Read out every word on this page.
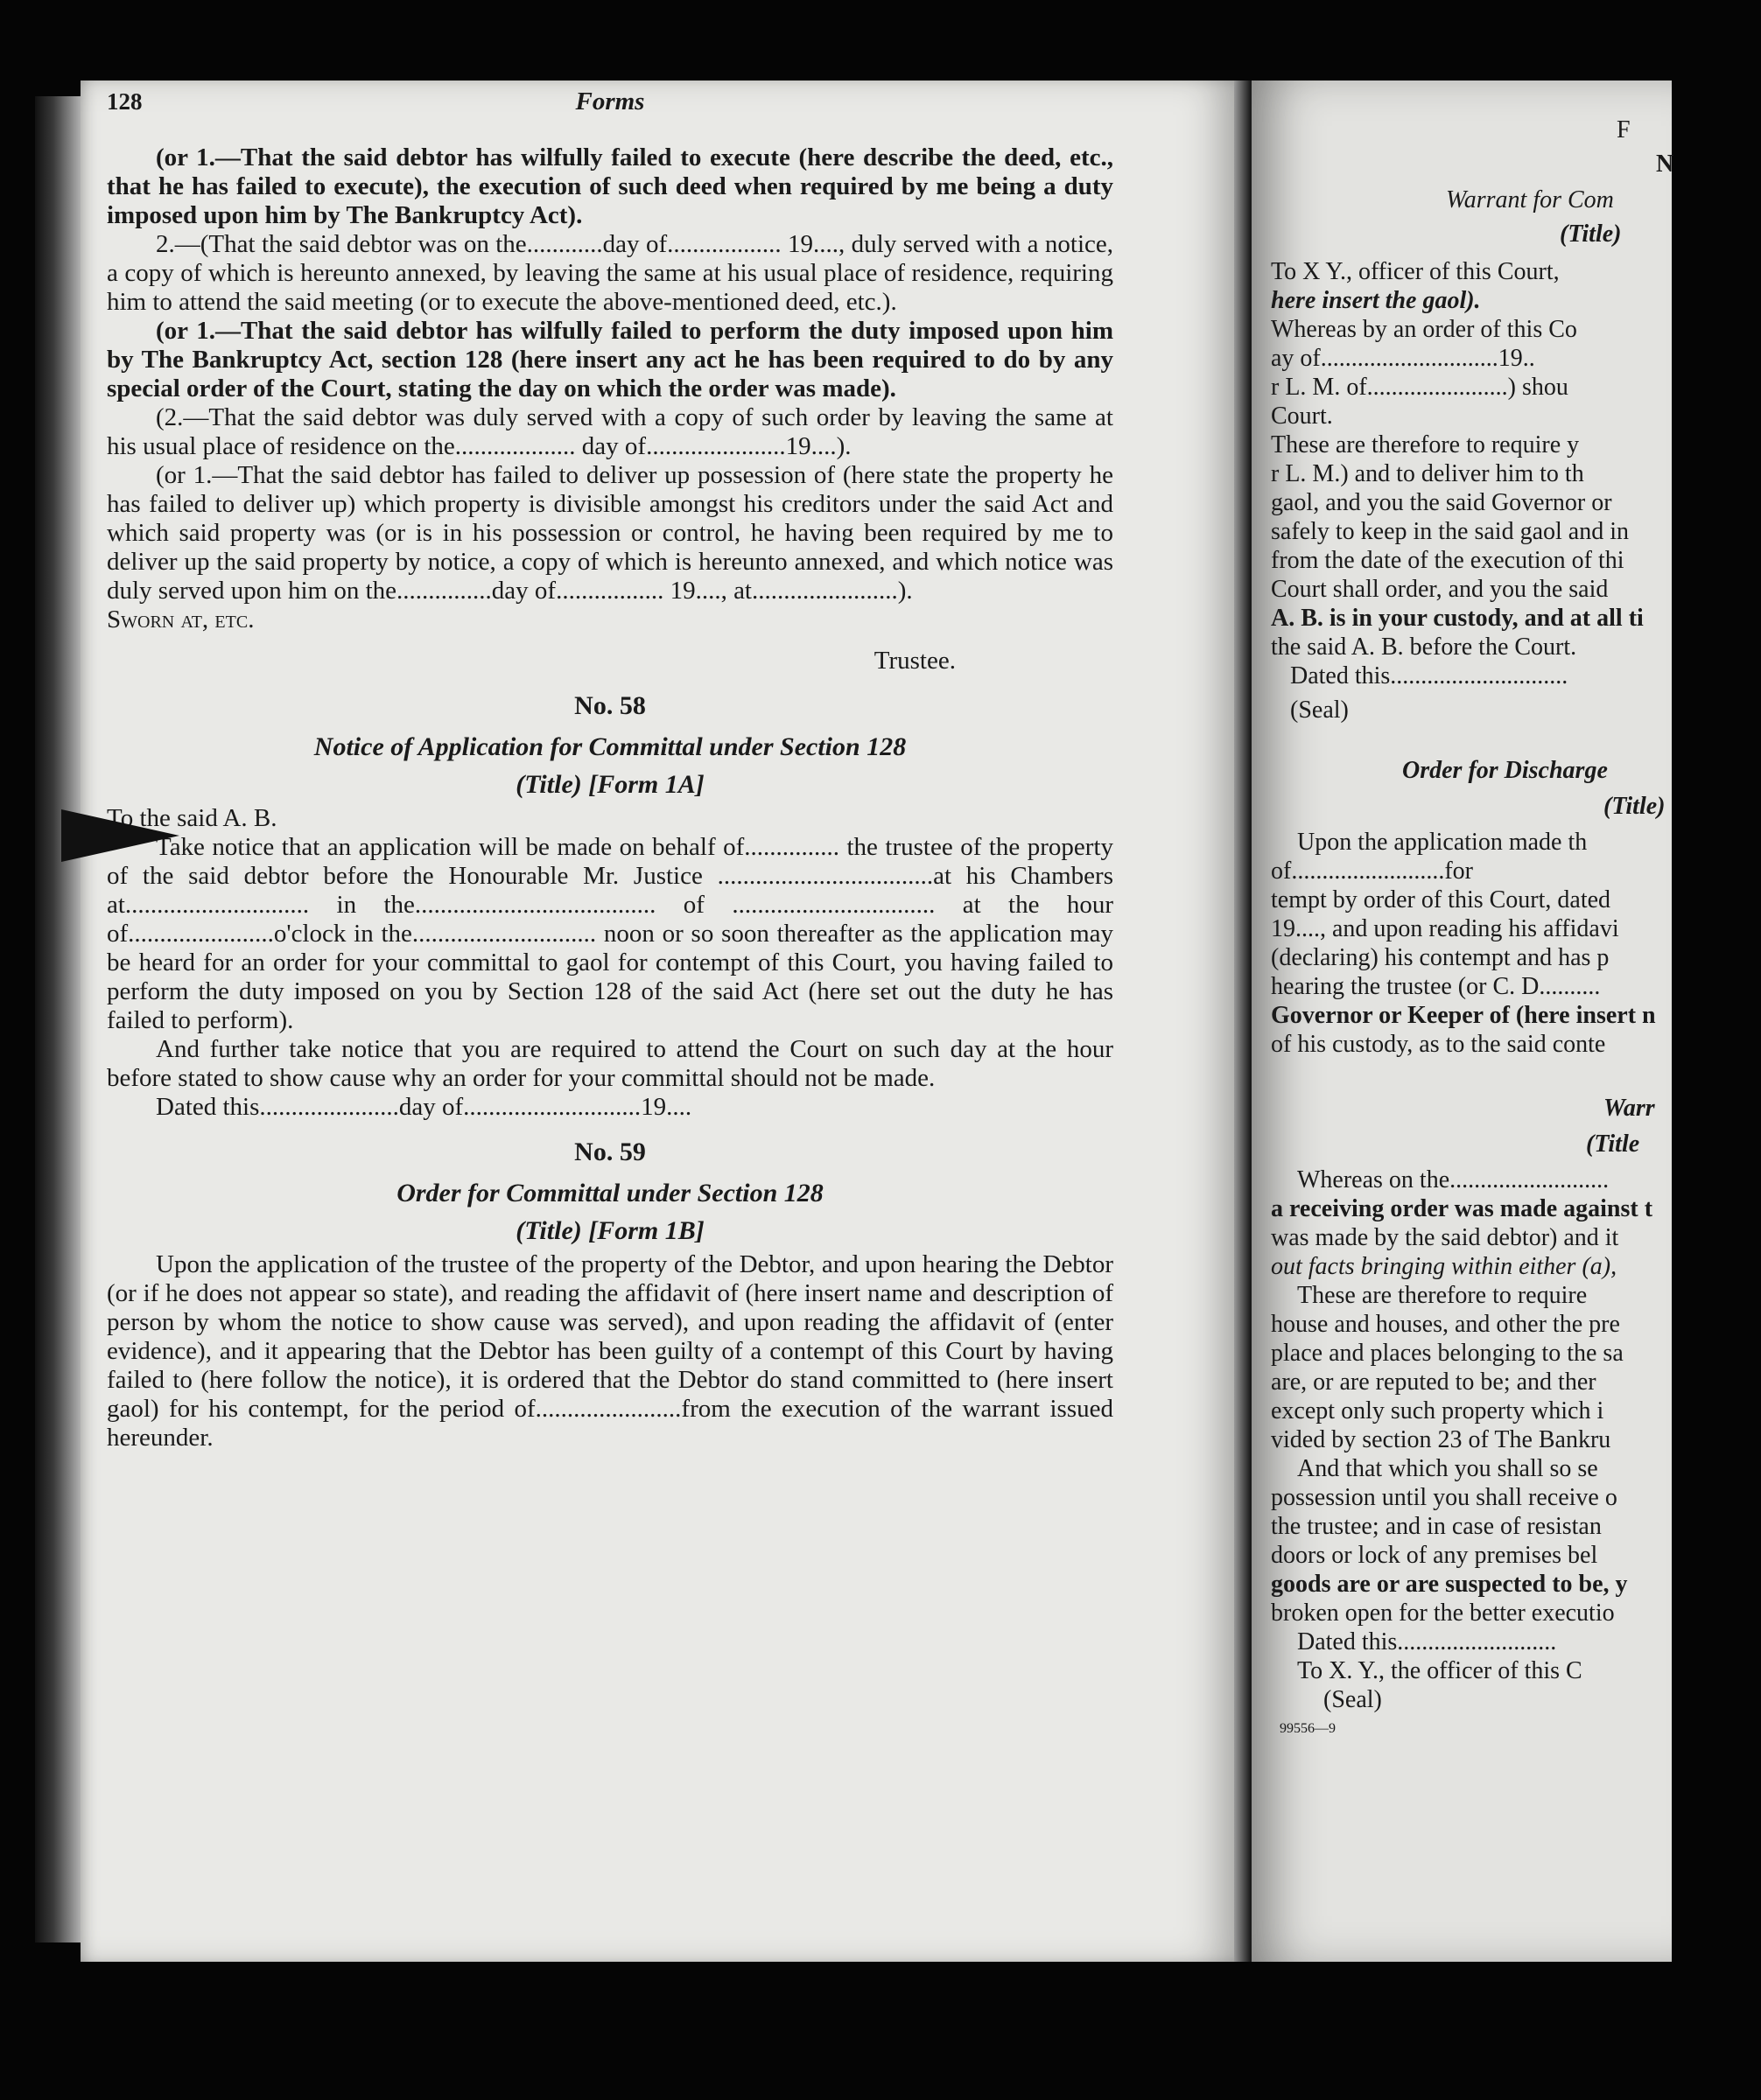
F
N
Warrant for Com
(Title)
To X Y., officer of this Court,
here insert the gaol).
Whereas by an order of this Co
ay of.............................19..
r L. M. of.......................) shou
Court.
These are therefore to require y
r L. M.) and to deliver him to th
gaol, and you the said Governor or
safely to keep in the said gaol and in
from the date of the execution of thi
Court shall order, and you the said
A. B. is in your custody, and at all ti
the said A. B. before the Court.
Dated this.............................
(Seal)
Order for Discharge
(Title)
Upon the application made th
of.........................for
tempt by order of this Court, dated
19...., and upon reading his affidavi
(declaring) his contempt and has p
hearing the trustee (or C. D..........
Governor or Keeper of (here insert n
of his custody, as to the said conte
Warr
(Title
Whereas on the..........................
a receiving order was made against t
was made by the said debtor) and it
out facts bringing within either (a),
These are therefore to require
house and houses, and other the pre
place and places belonging to the sa
are, or are reputed to be; and ther
except only such property which i
vided by section 23 of The Bankru
And that which you shall so se
possession until you shall receive o
the trustee; and in case of resistan
doors or lock of any premises bel
goods are or are suspected to be, y
broken open for the better executio
Dated this..........................
To X. Y., the officer of this C
(Seal)
99556—9
128	Forms

(or 1.—That the said debtor has wilfully failed to execute (here describe the deed, etc., that he has failed to execute), the execution of such deed when required by me being a duty imposed upon him by The Bankruptcy Act).

2.—(That the said debtor was on the............day of.................. 19...., duly served with a notice, a copy of which is hereunto annexed, by leaving the same at his usual place of residence, requiring him to attend the said meeting (or to execute the above-mentioned deed, etc.).

(or 1.—That the said debtor has wilfully failed to perform the duty imposed upon him by The Bankruptcy Act, section 128 (here insert any act he has been required to do by any special order of the Court, stating the day on which the order was made).

(2.—That the said debtor was duly served with a copy of such order by leaving the same at his usual place of residence on the................... day of......................19....).

(or 1.—That the said debtor has failed to deliver up possession of (here state the property he has failed to deliver up) which property is divisible amongst his creditors under the said Act and which said property was (or is in his possession or control, he having been required by me to deliver up the said property by notice, a copy of which is hereunto annexed, and which notice was duly served upon him on the...............day of................. 19...., at.......................).

Sworn at, etc.

Trustee.

No. 58
Notice of Application for Committal under Section 128
(Title) [Form 1A]

To the said A. B.

Take notice that an application will be made on behalf of............... the trustee of the property of the said debtor before the Honourable Mr. Justice ..................................at his Chambers at............................. in the...................................... of ................................ at the hour of.......................o'clock in the............................. noon or so soon thereafter as the application may be heard for an order for your committal to gaol for contempt of this Court, you having failed to perform the duty imposed on you by Section 128 of the said Act (here set out the duty he has failed to perform).

And further take notice that you are required to attend the Court on such day at the hour before stated to show cause why an order for your committal should not be made.

Dated this......................day of............................19....

No. 59
Order for Committal under Section 128
(Title) [Form 1B]

Upon the application of the trustee of the property of the Debtor, and upon hearing the Debtor (or if he does not appear so state), and reading the affidavit of (here insert name and description of person by whom the notice to show cause was served), and upon reading the affidavit of (enter evidence), and it appearing that the Debtor has been guilty of a contempt of this Court by having failed to (here follow the notice), it is ordered that the Debtor do stand committed to (here insert gaol) for his contempt, for the period of.......................from the execution of the warrant issued hereunder.
